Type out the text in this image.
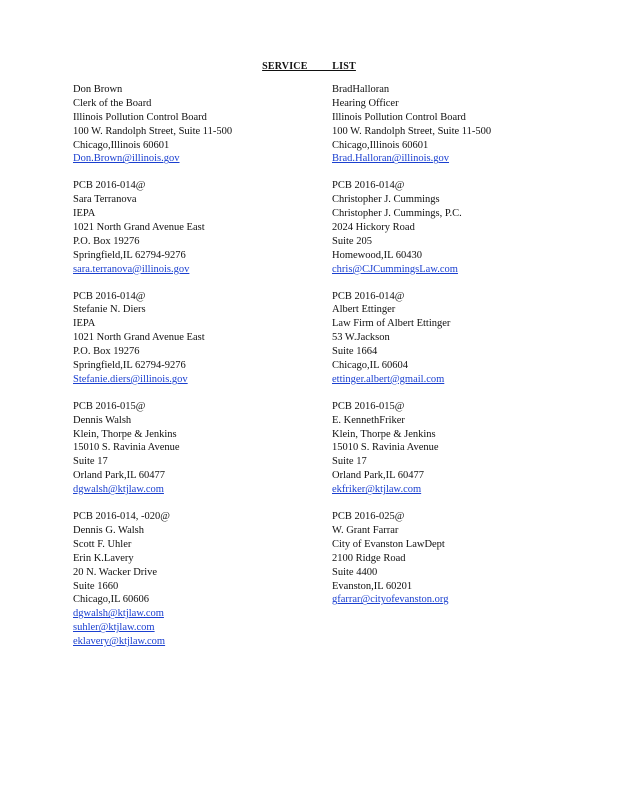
SERVICE LIST
Don Brown
Clerk of the Board
Illinois Pollution Control Board
100 W. Randolph Street, Suite 11-500
Chicago,Illinois 60601
Don.Brown@illinois.gov
PCB 2016-014@
Sara Terranova
IEPA
1021 North Grand Avenue East
P.O. Box 19276
Springfield,IL 62794-9276
sara.terranova@illinois.gov
PCB 2016-014@
Stefanie N. Diers
IEPA
1021 North Grand Avenue East
P.O. Box 19276
Springfield,IL 62794-9276
Stefanie.diers@illinois.gov
PCB 2016-015@
Dennis Walsh
Klein, Thorpe & Jenkins
15010 S. Ravinia Avenue
Suite 17
Orland Park,IL 60477
dgwalsh@ktjlaw.com
PCB 2016-014, -020@
Dennis G. Walsh
Scott F. Uhler
Erin K.Lavery
20 N. Wacker Drive
Suite 1660
Chicago,IL 60606
dgwalsh@ktjlaw.com
suhler@ktjlaw.com
eklavery@ktjlaw.com
BradHalloran
Hearing Officer
Illinois Pollution Control Board
100 W. Randolph Street, Suite 11-500
Chicago,Illinois 60601
Brad.Halloran@illinois.gov
PCB 2016-014@
Christopher J. Cummings
Christopher J. Cummings, P.C.
2024 Hickory Road
Suite 205
Homewood,IL 60430
chris@CJCummingsLaw.com
PCB 2016-014@
Albert Ettinger
Law Firm of Albert Ettinger
53 W.Jackson
Suite 1664
Chicago,IL 60604
ettinger.albert@gmail.com
PCB 2016-015@
E. KennethFriker
Klein, Thorpe & Jenkins
15010 S. Ravinia Avenue
Suite 17
Orland Park,IL 60477
ekfriker@ktjlaw.com
PCB 2016-025@
W. Grant Farrar
City of Evanston LawDept
2100 Ridge Road
Suite 4400
Evanston,IL 60201
gfarrar@cityofevanston.org
